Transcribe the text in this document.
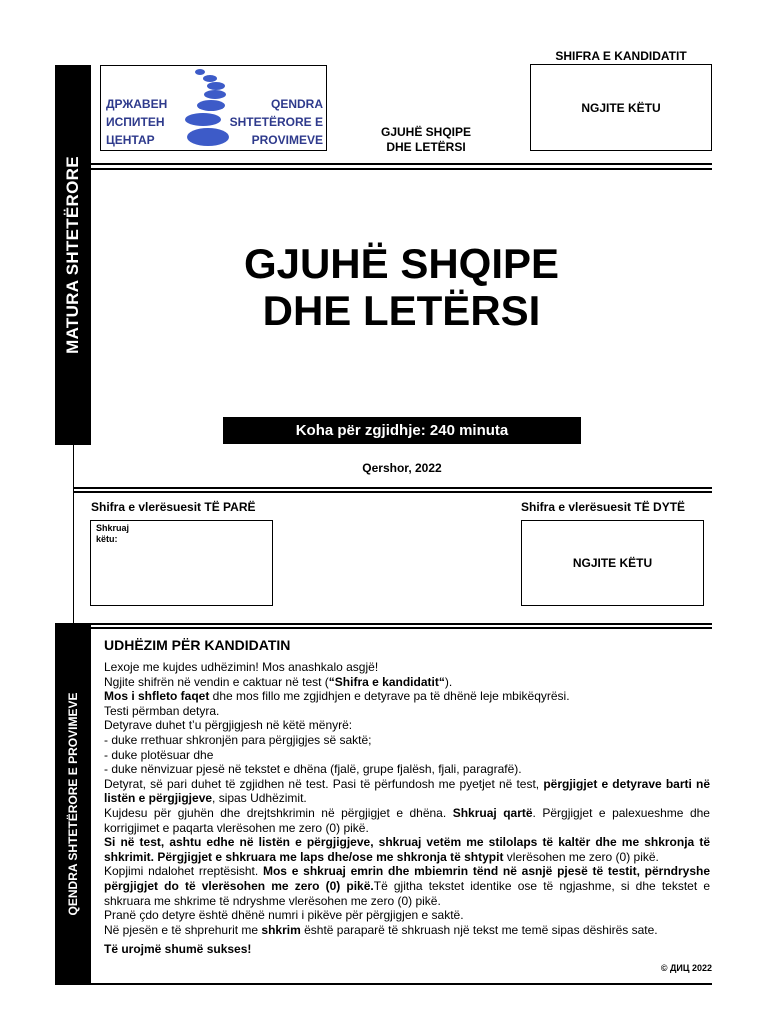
MATURA SHTETËRORE
QENDRA SHTETËRORE E PROVIMEVE
ДРЖАВЕН
ИСПИТЕН
ЦЕНТАР
QENDRA
SHTETËRORE E
PROVIMEVE
GJUHË SHQIPE
DHE LETËRSI
SHIFRA E KANDIDATIT
NGJITE KËTU
GJUHË SHQIPE
DHE LETËRSI
Koha për zgjidhje: 240 minuta
Qershor, 2022
Shifra e vlerësuesit TË PARË
Shkruaj
këtu:
Shifra e vlerësuesit TË DYTË
NGJITE KËTU
UDHËZIM PËR KANDIDATIN

Lexoje me kujdes udhëzimin! Mos anashkalo asgjë!

Ngjite shifrën në vendin e caktuar në test (“Shifra e kandidatit“).

Mos i shfleto faqet dhe mos fillo me zgjidhjen e detyrave pa të dhënë leje mbikëqyrësi.

Testi përmban detyra.

Detyrave duhet t’u përgjigjesh në këtë mënyrë:

- duke rrethuar shkronjën para përgjigjes së saktë;

- duke plotësuar dhe

- duke nënvizuar pjesë në tekstet e dhëna (fjalë, grupe fjalësh, fjali, paragrafë).

Detyrat, së pari duhet të zgjidhen në test. Pasi të përfundosh me pyetjet në test, përgjigjet e detyrave barti në listën e përgjigjeve, sipas Udhëzimit.

Kujdesu për gjuhën dhe drejtshkrimin në përgjigjet e dhëna. Shkruaj qartë. Përgjigjet e palexueshme dhe korrigjimet e paqarta vlerësohen me zero (0) pikë.

Si në test, ashtu edhe në listën e përgjigjeve, shkruaj vetëm me stilolaps të kaltër dhe me shkronja të shkrimit. Përgjigjet e shkruara me laps dhe/ose me shkronja të shtypit vlerësohen me zero (0) pikë.

Kopjimi ndalohet rreptësisht. Mos e shkruaj emrin dhe mbiemrin tënd në asnjë pjesë të testit, përndryshe përgjigjet do të vlerësohen me zero (0) pikë.Të gjitha tekstet identike ose të ngjashme, si dhe tekstet e shkruara me shkrime të ndryshme vlerësohen me zero (0) pikë.

Pranë çdo detyre është dhënë numri i pikëve për përgjigjen e saktë.

Në pjesën e të shprehurit me shkrim është paraparë të shkruash një tekst me temë sipas dëshirës sate.

Të urojmë shumë sukses!

© ДИЦ 2022
